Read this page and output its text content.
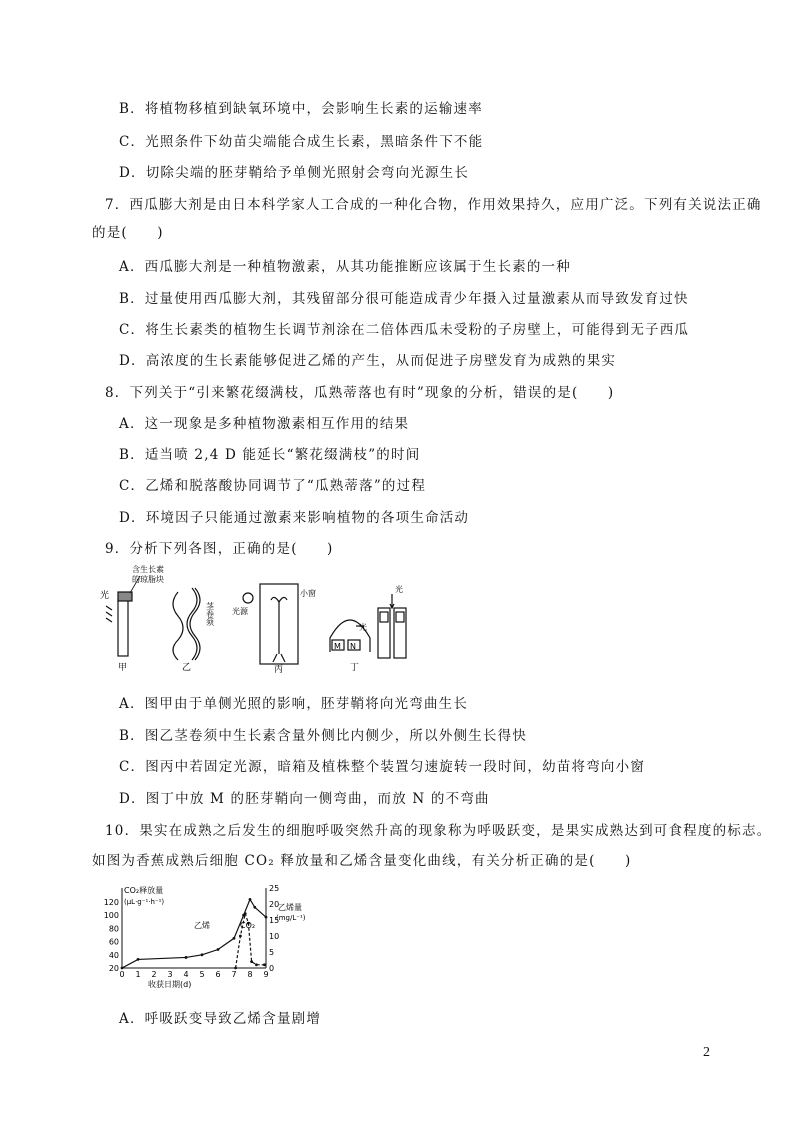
B．将植物移植到缺氧环境中，会影响生长素的运输速率
C．光照条件下幼苗尖端能合成生长素，黑暗条件下不能
D．切除尖端的胚芽鞘给予单侧光照射会弯向光源生长
7．西瓜膨大剂是由日本科学家人工合成的一种化合物，作用效果持久，应用广泛。下列有关说法正确
的是(　　)
A．西瓜膨大剂是一种植物激素，从其功能推断应该属于生长素的一种
B．过量使用西瓜膨大剂，其残留部分很可能造成青少年摄入过量激素从而导致发育过快
C．将生长素类的植物生长调节剂涂在二倍体西瓜未受粉的子房壁上，可能得到无子西瓜
D．高浓度的生长素能够促进乙烯的产生，从而促进子房壁发育为成熟的果实
8．下列关于“引来繁花缀满枝，瓜熟蒂落也有时”现象的分析，错误的是(　　)
A．这一现象是多种植物激素相互作用的结果
B．适当喷 2,4 D 能延长“繁花缀满枝”的时间
C．乙烯和脱落酸协同调节了“瓜熟蒂落”的过程
D．环境因子只能通过激素来影响植物的各项生命活动
9．分析下列各图，正确的是(　　)
光
含生长素
的琼脂块
甲
茎卷须
乙
光源
小窗
丙
光
光
M N
丁
A．图甲由于单侧光照的影响，胚芽鞘将向光弯曲生长
B．图乙茎卷须中生长素含量外侧比内侧少，所以外侧生长得快
C．图丙中若固定光源，暗箱及植株整个装置匀速旋转一段时间，幼苗将弯向小窗
D．图丁中放 M 的胚芽鞘向一侧弯曲，而放 N 的不弯曲
10．果实在成熟之后发生的细胞呼吸突然升高的现象称为呼吸跃变，是果实成熟达到可食程度的标志。
如图为香蕉成熟后细胞 CO₂ 释放量和乙烯含量变化曲线，有关分析正确的是(　　)
120
100
80
60
40
20
25
20
15
10
5
0
0 1 2 3 4 5 6 7 8 9
CO₂释放量
(μL·g⁻¹·h⁻¹)
乙烯量
(mg/L⁻¹)
收获日期(d)
乙烯	CO₂
A．呼吸跃变导致乙烯含量剧增
2
